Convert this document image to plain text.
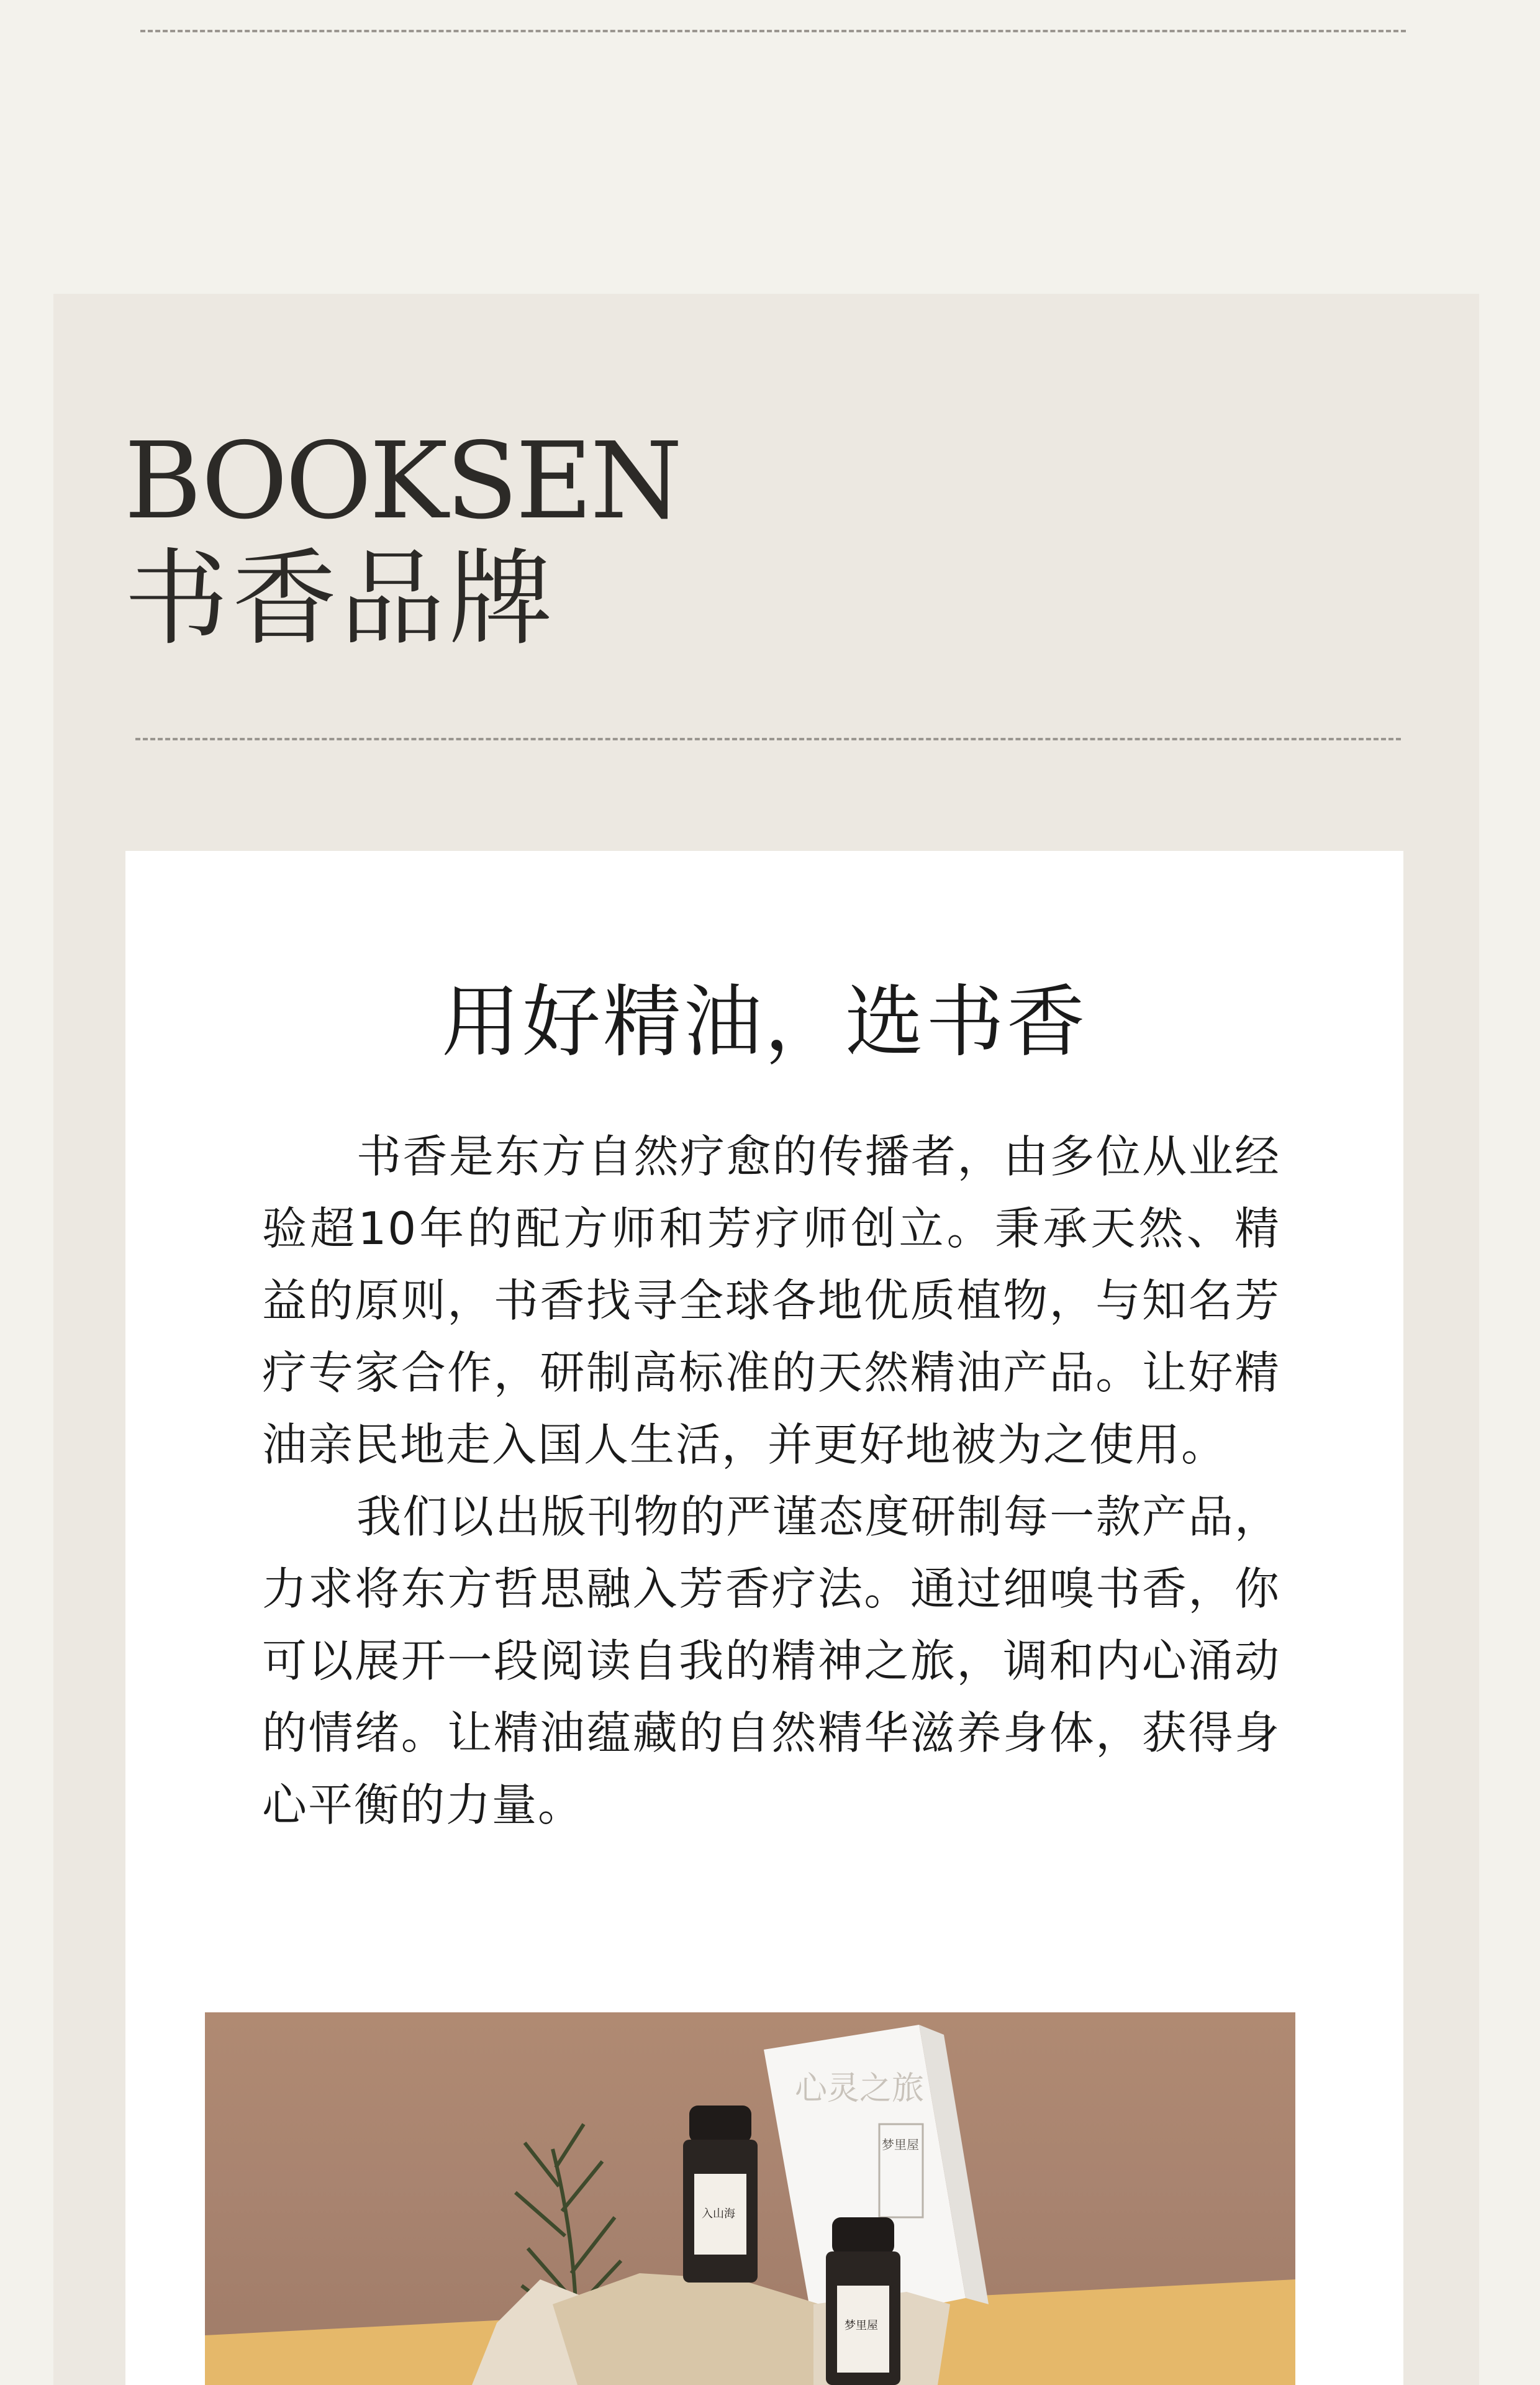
BOOKSEN
书香品牌
用好精油，选书香

书香是东方自然疗愈的传播者，由多位从业经验超10年的配方师和芳疗师创立。秉承天然、精益的原则，书香找寻全球各地优质植物，与知名芳疗专家合作，研制高标准的天然精油产品。让好精油亲民地走入国人生活，并更好地被为之使用。

我们以出版刊物的严谨态度研制每一款产品，力求将东方哲思融入芳香疗法。通过细嗅书香，你可以展开一段阅读自我的精神之旅，调和内心涌动的情绪。让精油蕴藏的自然精华滋养身体，获得身心平衡的力量。

心灵之旅
梦里屋
入山海
梦里屋
